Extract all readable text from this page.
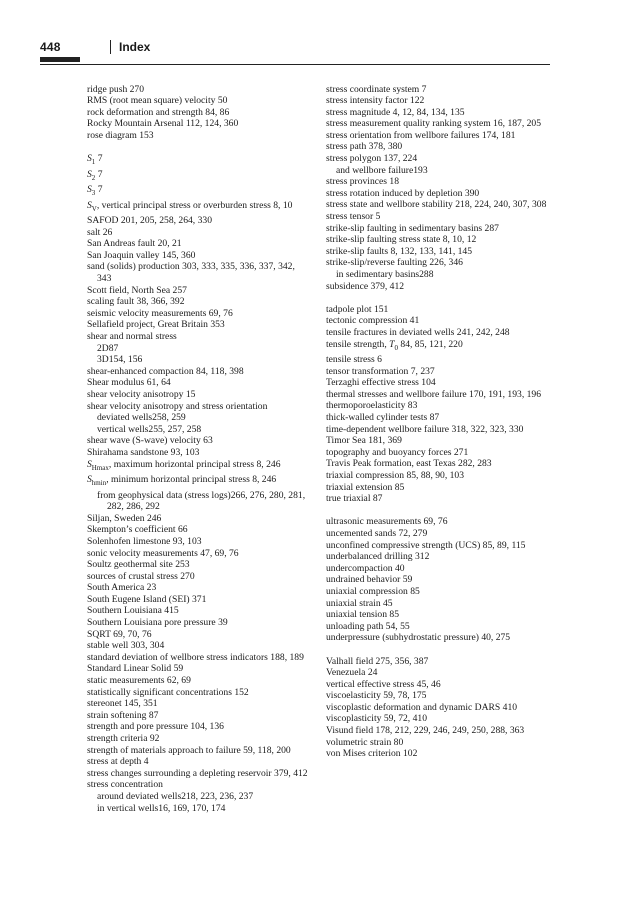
448	Index

ridge push 270

RMS (root mean square) velocity 50

rock deformation and strength 84, 86

Rocky Mountain Arsenal 112, 124, 360

rose diagram 153

$S_1$ 7

$S_2$ 7

$S_3$ 7

$S_V$, vertical principal stress or overburden stress 8, 10

SAFOD 201, 205, 258, 264, 330

salt 26

San Andreas fault 20, 21

San Joaquin valley 145, 360

sand (solids) production 303, 333, 335, 336, 337, 342, 343

Scott field, North Sea 257

scaling fault 38, 366, 392

seismic velocity measurements 69, 76

Sellafield project, Great Britain 353

shear and normal stress

2D87

3D154, 156

shear-enhanced compaction 84, 118, 398

Shear modulus 61, 64

shear velocity anisotropy 15

shear velocity anisotropy and stress orientation

deviated wells258, 259

vertical wells255, 257, 258

shear wave (S-wave) velocity 63

Shirahama sandstone 93, 103

$S_{Hmax}$, maximum horizontal principal stress 8, 246

$S_{hmin}$, minimum horizontal principal stress 8, 246

from geophysical data (stress logs)266, 276, 280, 281, 282, 286, 292

Siljan, Sweden 246

Skempton’s coefficient 66

Solenhofen limestone 93, 103

sonic velocity measurements 47, 69, 76

Soultz geothermal site 253

sources of crustal stress 270

South America 23

South Eugene Island (SEI) 371

Southern Louisiana 415

Southern Louisiana pore pressure 39

SQRT 69, 70, 76

stable well 303, 304

standard deviation of wellbore stress indicators 188, 189

Standard Linear Solid 59

static measurements 62, 69

statistically significant concentrations 152

stereonet 145, 351

strain softening 87

strength and pore pressure 104, 136

strength criteria 92

strength of materials approach to failure 59, 118, 200

stress at depth 4

stress changes surrounding a depleting reservoir 379, 412

stress concentration

around deviated wells218, 223, 236, 237

in vertical wells16, 169, 170, 174

stress coordinate system 7

stress intensity factor 122

stress magnitude 4, 12, 84, 134, 135

stress measurement quality ranking system 16, 187, 205

stress orientation from wellbore failures 174, 181

stress path 378, 380

stress polygon 137, 224

and wellbore failure193

stress provinces 18

stress rotation induced by depletion 390

stress state and wellbore stability 218, 224, 240, 307, 308

stress tensor 5

strike-slip faulting in sedimentary basins 287

strike-slip faulting stress state 8, 10, 12

strike-slip faults 8, 132, 133, 141, 145

strike-slip/reverse faulting 226, 346

in sedimentary basins288

subsidence 379, 412

tadpole plot 151

tectonic compression 41

tensile fractures in deviated wells 241, 242, 248

tensile strength, $T_0$ 84, 85, 121, 220

tensile stress 6

tensor transformation 7, 237

Terzaghi effective stress 104

thermal stresses and wellbore failure 170, 191, 193, 196

thermoporoelasticity 83

thick-walled cylinder tests 87

time-dependent wellbore failure 318, 322, 323, 330

Timor Sea 181, 369

topography and buoyancy forces 271

Travis Peak formation, east Texas 282, 283

triaxial compression 85, 88, 90, 103

triaxial extension 85

true triaxial 87

ultrasonic measurements 69, 76

uncemented sands 72, 279

unconfined compressive strength (UCS) 85, 89, 115

underbalanced drilling 312

undercompaction 40

undrained behavior 59

uniaxial compression 85

uniaxial strain 45

uniaxial tension 85

unloading path 54, 55

underpressure (subhydrostatic pressure) 40, 275

Valhall field 275, 356, 387

Venezuela 24

vertical effective stress 45, 46

viscoelasticity 59, 78, 175

viscoplastic deformation and dynamic DARS 410

viscoplasticity 59, 72, 410

Visund field 178, 212, 229, 246, 249, 250, 288, 363

volumetric strain 80

von Mises criterion 102
